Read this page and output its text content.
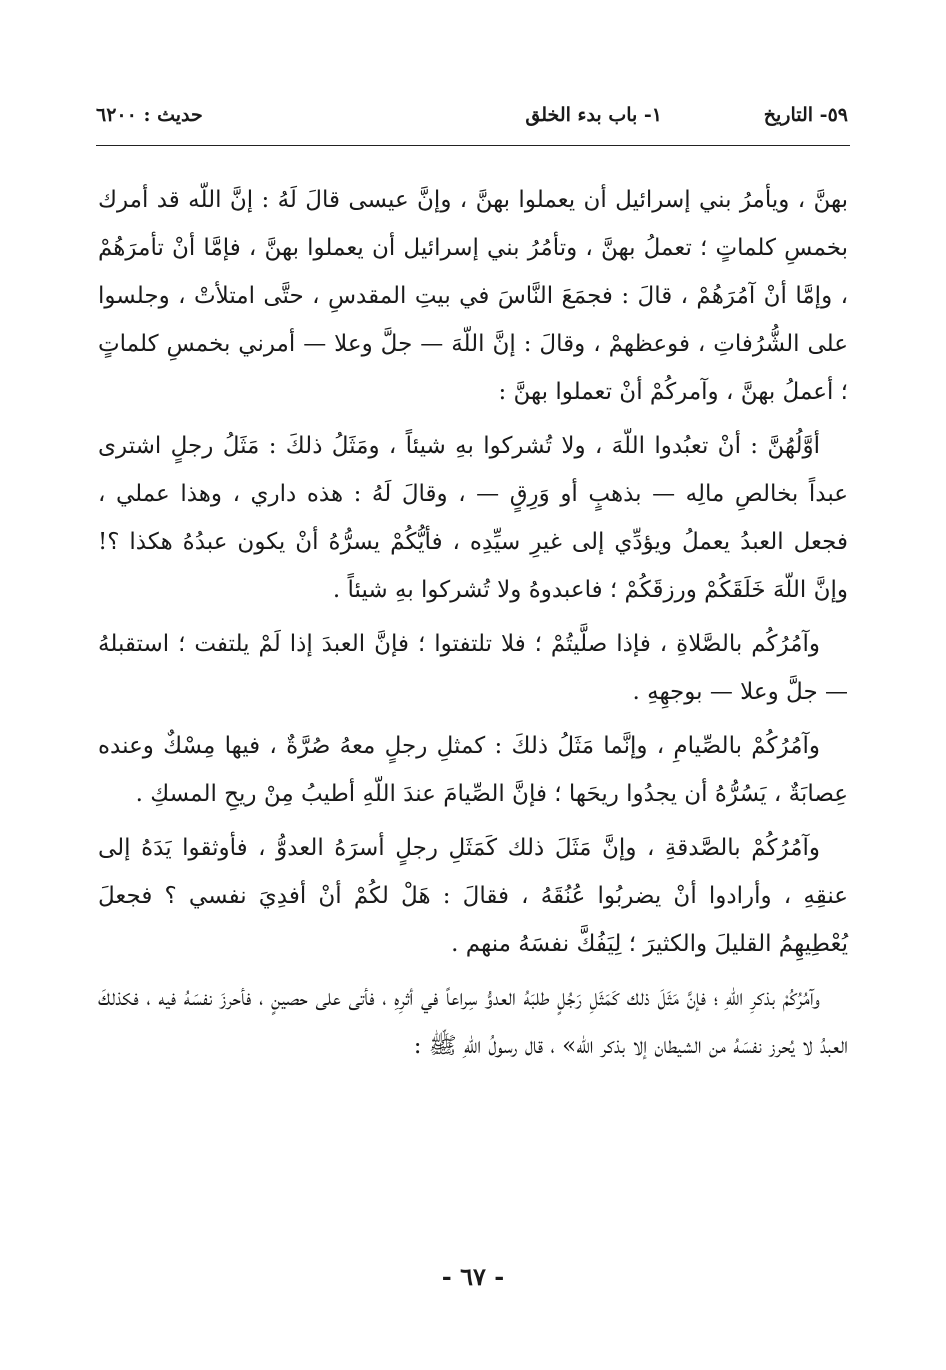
٥٩- التاريخ
١- باب بدء الخلق
حديث : ٦٢٠٠

بهنَّ ، ويأمرُ بني إسرائيل أن يعملوا بهنَّ ، وإنَّ عيسى قالَ لَهُ : إنَّ اللّه قد أمرك بخمسِ كلماتٍ ؛ تعملُ بهنَّ ، وتأمُرُ بني إسرائيل أن يعملوا بهنَّ ، فإمَّا أنْ تأمرَهُمْ ، وإمَّا أنْ آمُرَهُمْ ، قالَ : فجمَعَ النَّاسَ في بيتِ المقدسِ ، حتَّى امتلأتْ ، وجلسوا على الشُّرُفاتِ ، فوعظهمْ ، وقالَ : إنَّ اللّهَ — جلَّ وعلا — أمرني بخمسِ كلماتٍ ؛ أعملُ بهنَّ ، وآمركُمْ أنْ تعملوا بهنَّ :

أوَّلُهُنَّ : أنْ تعبُدوا اللّهَ ، ولا تُشركوا بهِ شيئاً ، ومَثَلُ ذلكَ : مَثَلُ رجلٍ اشترى عبداً بخالصِ مالِه — بذهبٍ أو وَرِقٍ — ، وقالَ لَهُ : هذه داري ، وهذا عملي ، فجعل العبدُ يعملُ ويؤدِّي إلى غيرِ سيِّدِه ، فأيُّكُمْ يسرُّهُ أنْ يكون عبدُهُ هكذا ؟! وإنَّ اللّهَ خَلَقَكُمْ ورزقَكُمْ ؛ فاعبدوهُ ولا تُشركوا بهِ شيئاً .

وآمُرُكُم بالصَّلاةِ ، فإذا صلَّيتُمْ ؛ فلا تلتفتوا ؛ فإنَّ العبدَ إذا لَمْ يلتفت ؛ استقبلهُ — جلَّ وعلا — بوجهِهِ .

وآمُرُكُمْ بالصِّيامِ ، وإنَّما مَثَلُ ذلكَ : كمثلِ رجلٍ معهُ صُرَّةٌ ، فيها مِسْكٌ وعنده عِصابَةٌ ، يَسُرُّهُ أن يجدُوا ريحَها ؛ فإنَّ الصِّيامَ عندَ اللّهِ أطيبُ مِنْ ريحِ المسكِ .

وآمُرُكُمْ بالصَّدقةِ ، وإنَّ مَثَلَ ذلك كَمَثَلِ رجلٍ أسرَهُ العدوُّ ، فأوثقوا يَدَهُ إلى عنقِهِ ، وأرادوا أنْ يضربُوا عُنُقَهُ ، فقالَ : هَلْ لكُمْ أنْ أفدِيَ نفسي ؟ فجعلَ يُعْطِيهِمُ القليلَ والكثيرَ ؛ لِيَفُكَّ نفسَهُ منهم .

وآمُرُكُمْ بذكرِ اللّهِ ؛ فإنَّ مَثَلَ ذلك كَمَثَلِ رَجُلٍ طلبَهُ العدوُّ سِراعاً في أثرِهِ ، فأتى على حصينٍ ، فأحرزَ نفسَهُ فيه ، فكذلكَ العبدُ لا يُحرز نفسَهُ من الشيطان إلا بذكر اللّه» ، قال رسولُ اللّهِ ﷺ :

- ٦٧ -
